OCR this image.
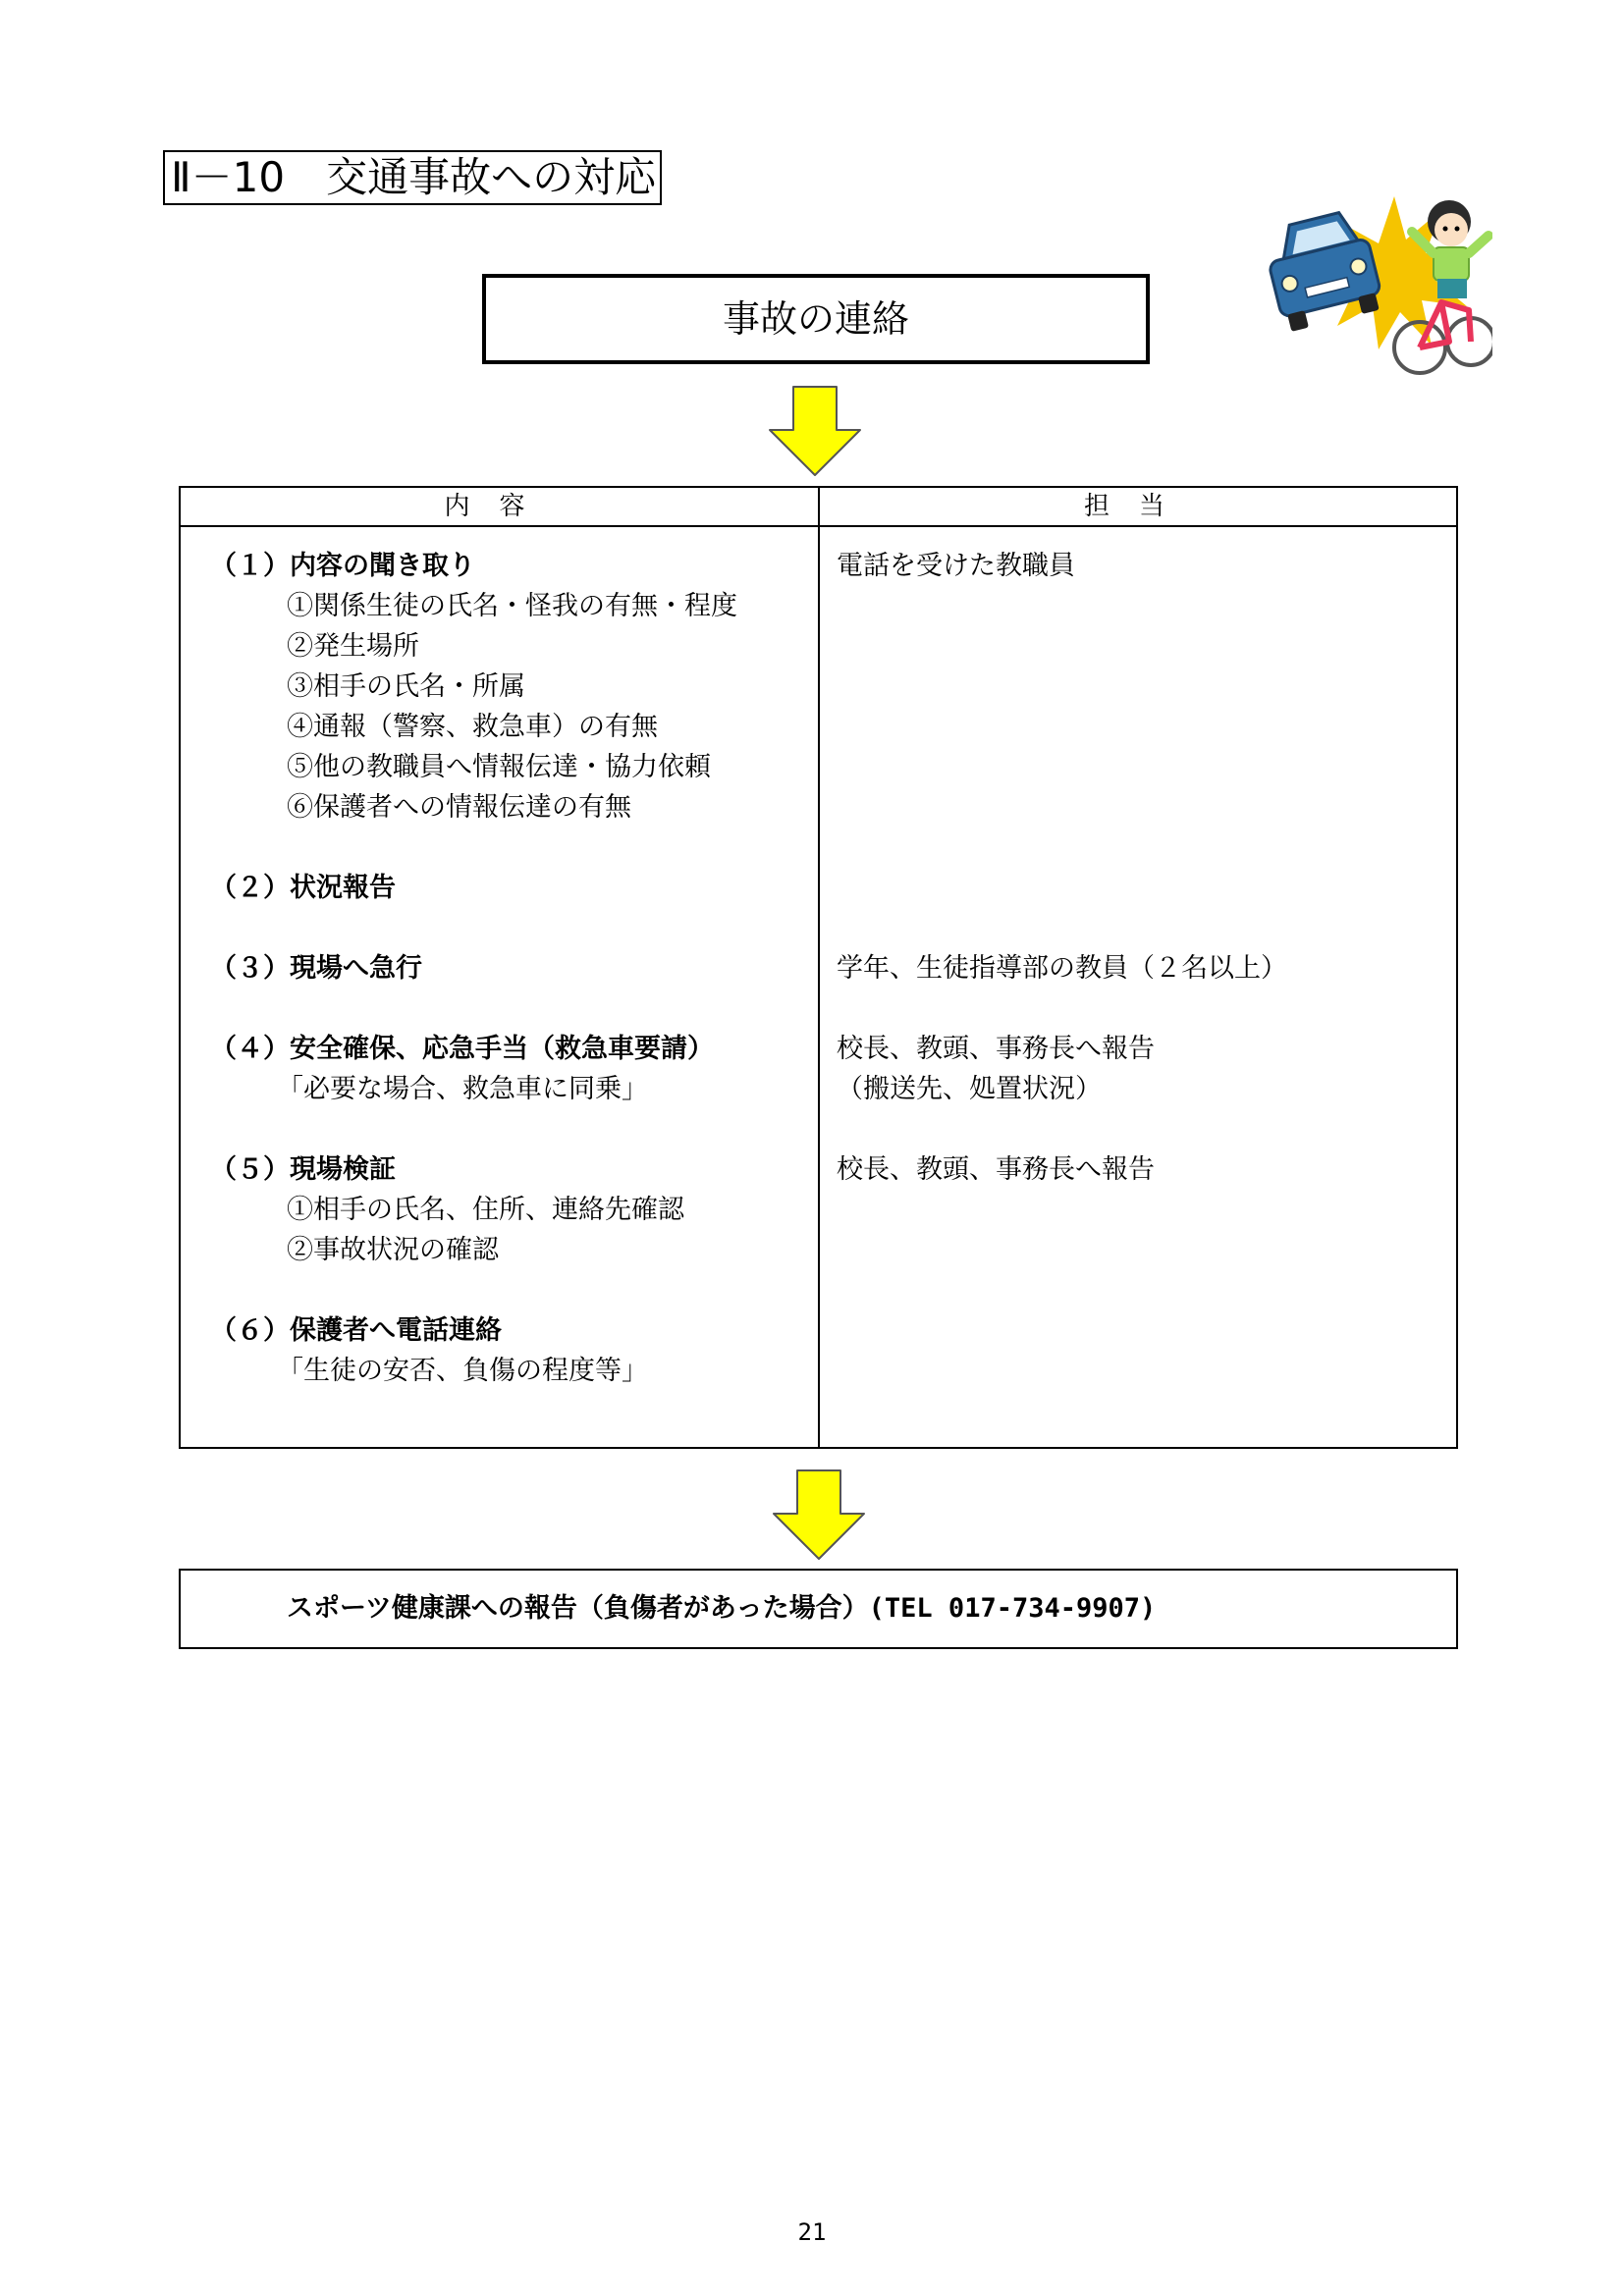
Ⅱ－10　交通事故への対応
事故の連絡
内容	担当
（１）内容の聞き取り
①関係生徒の氏名・怪我の有無・程度
②発生場所
③相手の氏名・所属
④通報（警察、救急車）の有無
⑤他の教職員へ情報伝達・協力依頼
⑥保護者への情報伝達の有無
（２）状況報告
（３）現場へ急行
（４）安全確保、応急手当（救急車要請）
「必要な場合、救急車に同乗」
（５）現場検証
①相手の氏名、住所、連絡先確認
②事故状況の確認
（６）保護者へ電話連絡
「生徒の安否、負傷の程度等」
電話を受けた教職員
学年、生徒指導部の教員（２名以上）
校長、教頭、事務長へ報告
（搬送先、処置状況）
校長、教頭、事務長へ報告
スポーツ健康課への報告（負傷者があった場合）(TEL 017-734-9907)
21
